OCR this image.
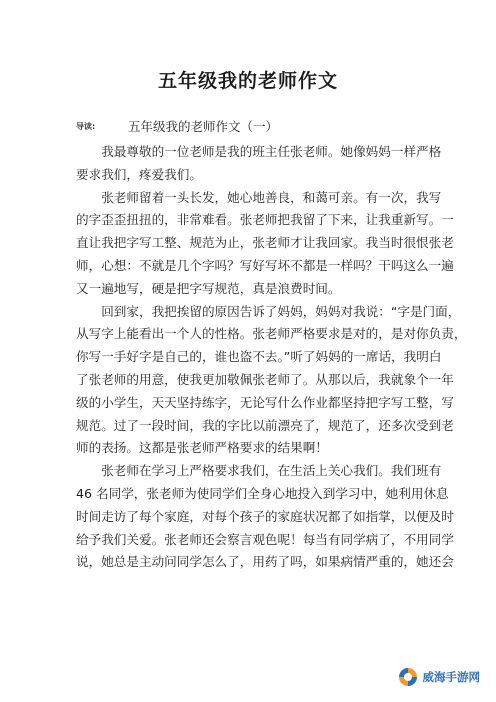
五年级我的老师作文
导读:	五年级我的老师作文（一）
　　我最尊敬的一位老师是我的班主任张老师。她像妈妈一样严格
要求我们，疼爱我们。
　　张老师留着一头长发，她心地善良，和蔼可亲。有一次，我写
的字歪歪扭扭的，非常难看。张老师把我留了下来，让我重新写。一
直让我把字写工整、规范为止，张老师才让我回家。我当时很恨张老
师，心想：不就是几个字吗？写好写坏不都是一样吗？干吗这么一遍
又一遍地写，硬是把字写规范，真是浪费时间。
　　回到家，我把挨留的原因告诉了妈妈，妈妈对我说：“字是门面，
从写字上能看出一个人的性格。张老师严格要求是对的，是对你负责，
你写一手好字是自己的，谁也盗不去。”听了妈妈的一席话，我明白
了张老师的用意，使我更加敬佩张老师了。从那以后，我就象个一年
级的小学生，天天坚持练字，无论写什么作业都坚持把字写工整，写
规范。过了一段时间，我的字比以前漂亮了，规范了，还多次受到老
师的表扬。这都是张老师严格要求的结果啊！
　　张老师在学习上严格要求我们，在生活上关心我们。我们班有
46 名同学，张老师为使同学们全身心地投入到学习中，她利用休息
时间走访了每个家庭，对每个孩子的家庭状况都了如指掌，以便及时
给予我们关爱。张老师还会察言观色呢！每当有同学病了，不用同学
说，她总是主动问同学怎么了，用药了吗，如果病情严重的，她还会
威海手游网
